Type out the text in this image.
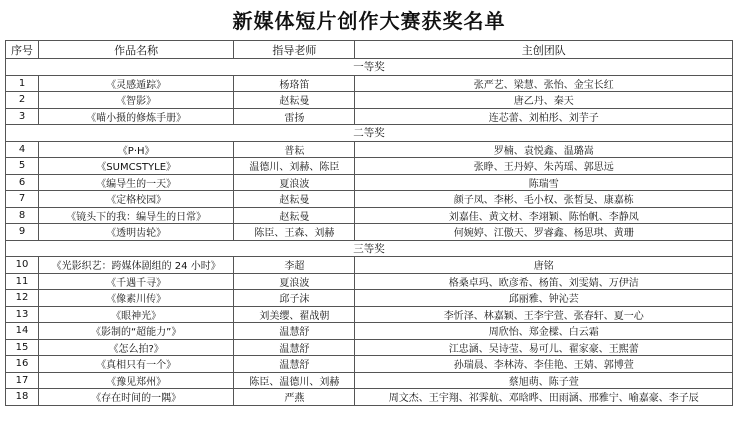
新媒体短片创作大赛获奖名单
序号	作品名称	指导老师	主创团队
一等奖			
1	《灵感遁踪》	杨珞笛	张严艺、梁慧、张怡、金宝长红
2	《智影》	赵耘曼	唐乙丹、秦天
3	《喵小摄的修炼手册》	雷扬	连芯蕾、刘柏彤、刘芋子
二等奖			
4	《P·H》	普耘	罗楠、袁悦鑫、温璐嵩
5	《SUMCSTYLE》	温德川、刘赫、陈臣	张睁、王丹婷、朱芮瑶、郭思远
6	《编导生的一天》	夏浪波	陈瑞雪
7	《定格校园》	赵耘曼	颜子凤、李彬、毛小权、张皙旻、康嘉栋
8	《镜头下的我：编导生的日常》	赵耘曼	刘嘉佳、黄文材、李翊颖、陈怡帆、李静凤
9	《透明齿轮》	陈臣、王森、刘赫	何婉婷、江傲天、罗睿鑫、杨思琪、黄珊
三等奖			
10	《光影织艺：跨媒体剧组的 24 小时》	李超	唐铭
11	《千遇千寻》	夏浪波	格桑卓玛、欧彦希、杨笛、刘雯婧、万伊洁
12	《像素川传》	邱子沫	邱丽雅、钟沁芸
13	《眼神光》	刘美缨、翟战朝	李忻泽、林嘉颖、王李宇萱、张春轩、夏一心
14	《影制的“超能力”》	温慧舒	周欣怡、郑金樑、白云霜
15	《怎么拍?》	温慧舒	江忠涵、吴诗莹、易可儿、翟家豪、王熙蕾
16	《真相只有一个》	温慧舒	孙瑞晨、李林涛、李佳艳、王婧、郭博萱
17	《豫见郑州》	陈臣、温德川、刘赫	蔡旭萌、陈子萱
18	《存在时间的一隅》	严燕	周文杰、王宇翔、祁霁航、邓晗晔、田雨涵、邢雅宁、喻嘉豪、李子辰
